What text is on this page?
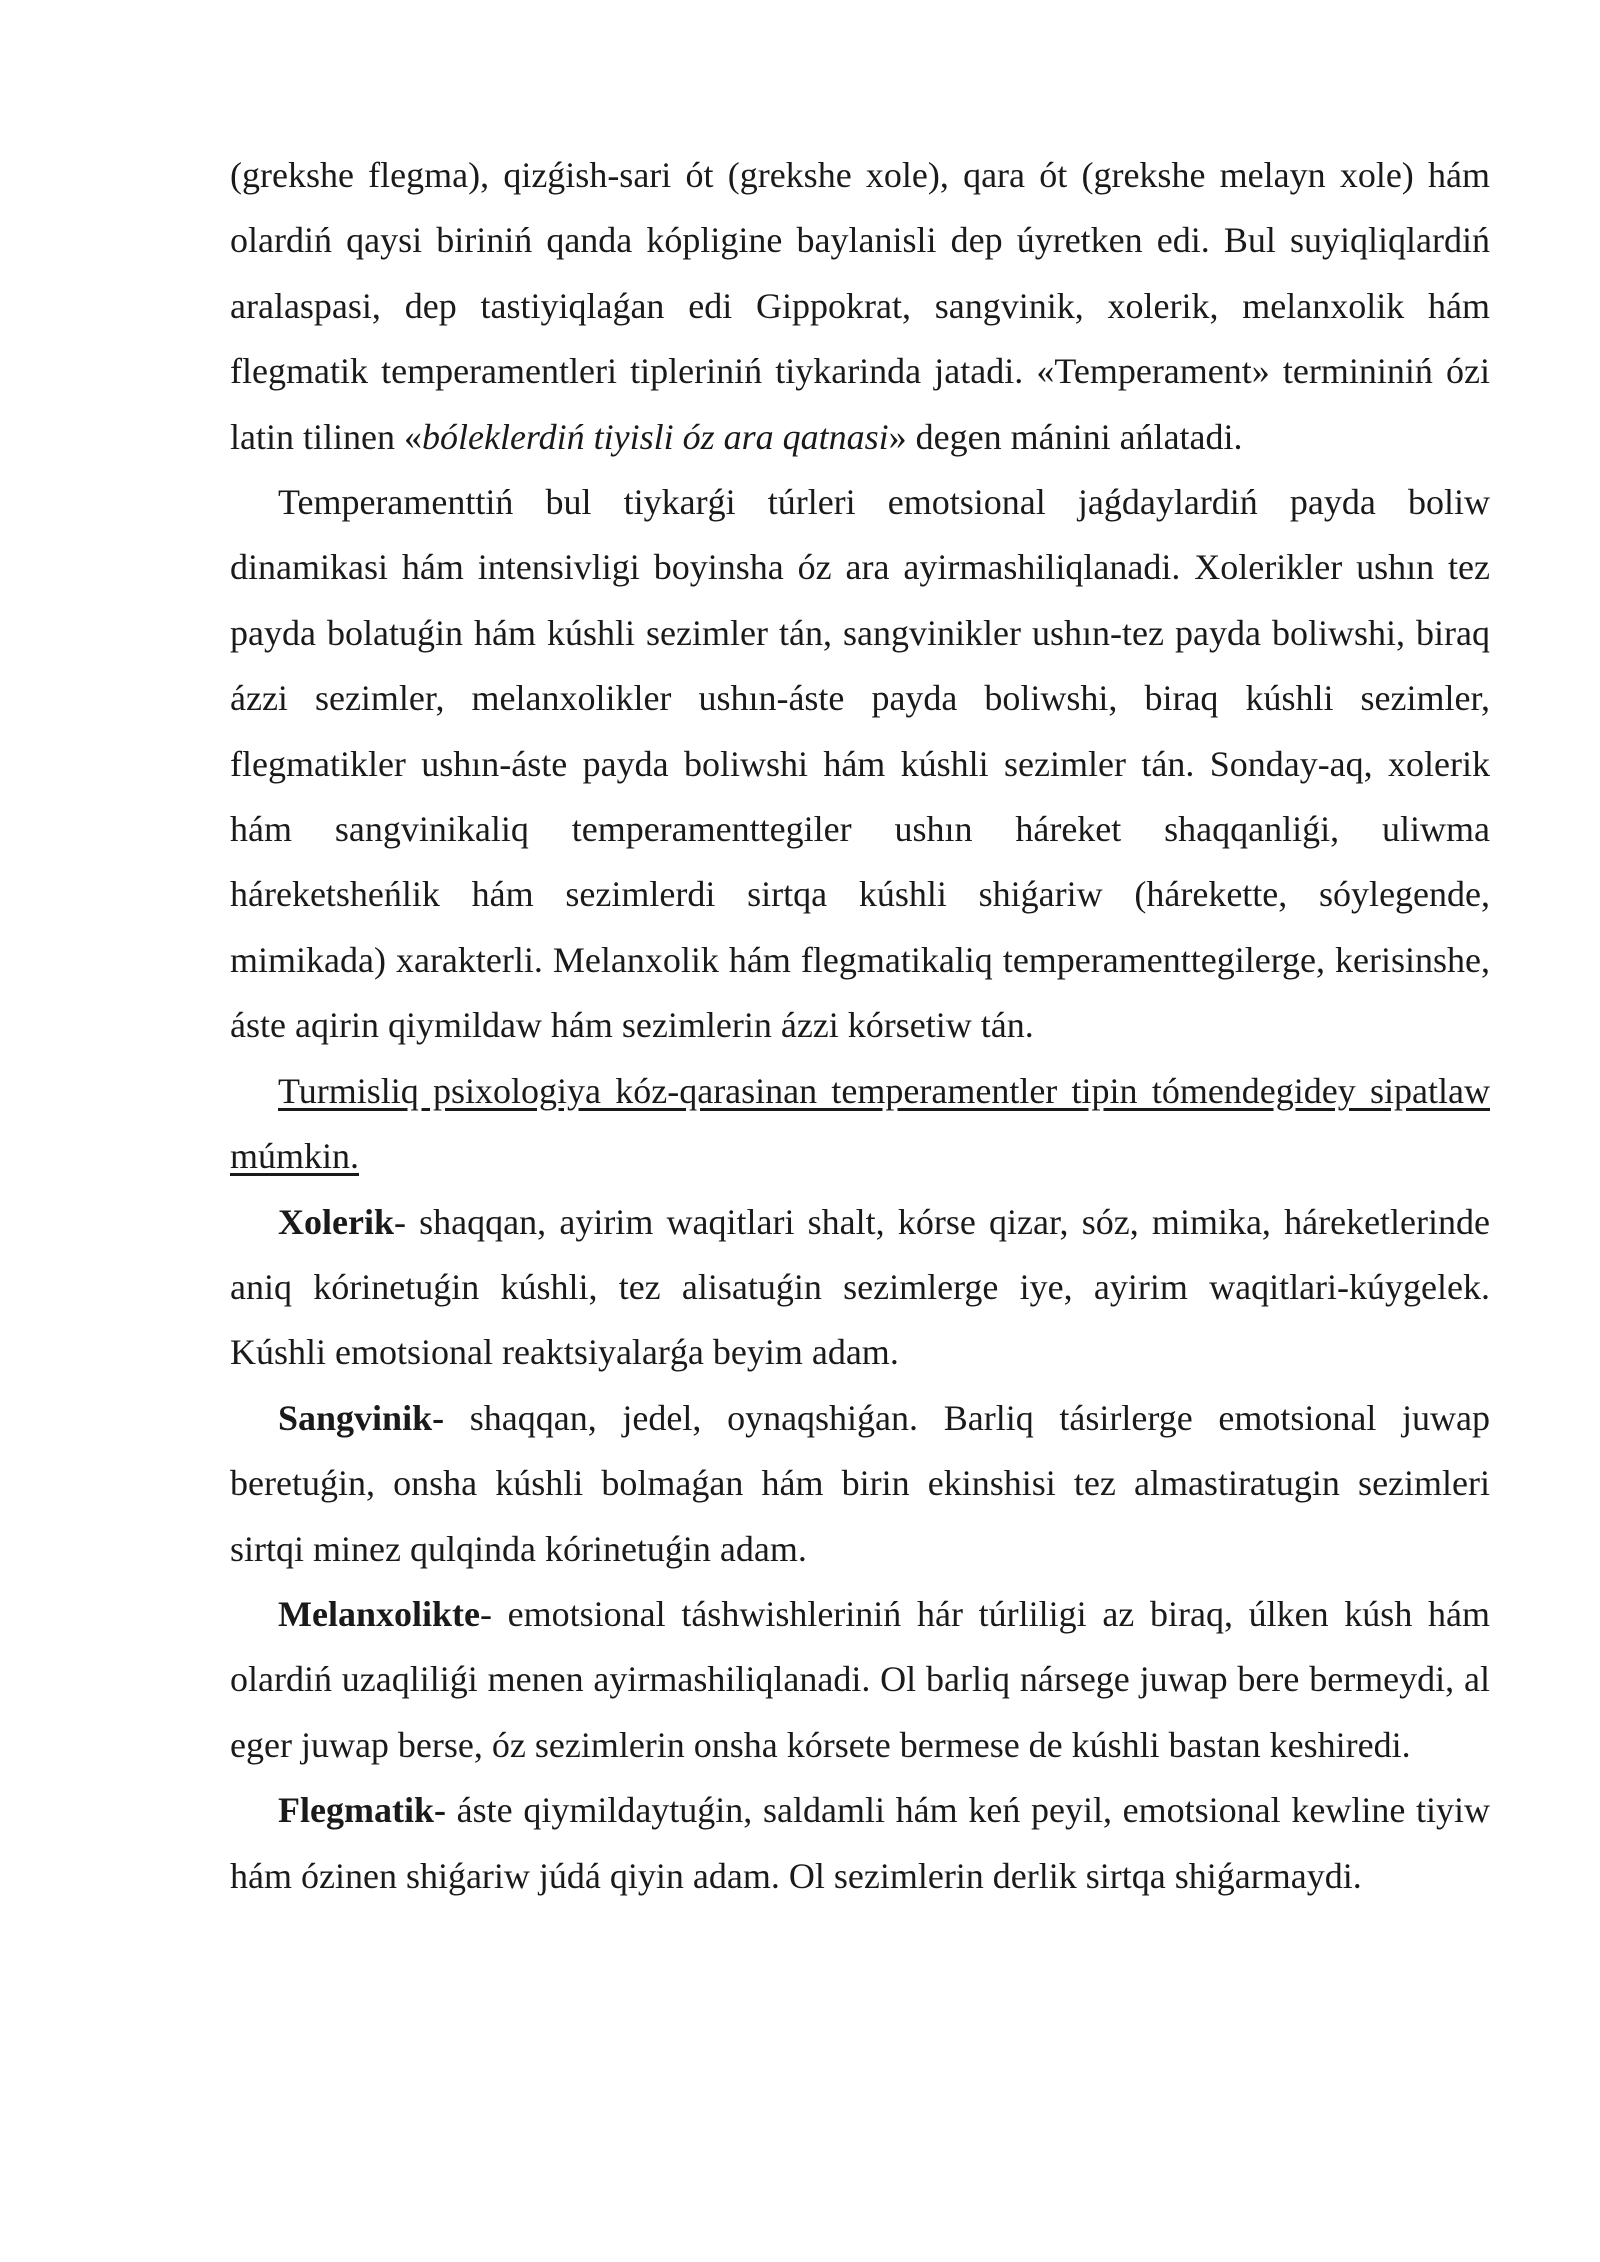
(grekshe flegma), qizǵish-sari ót (grekshe xole), qara ót (grekshe melayn xole) hám olardiń qaysi biriniń qanda kópligine baylanisli dep úyretken edi. Bul suyiqliqlardiń aralaspasi, dep tastiyiqlaǵan edi Gippokrat, sangvinik, xolerik, melanxolik hám flegmatik temperamentleri tipleriniń tiykarinda jatadi. «Temperament» termininiń ózi latin tilinen «bóleklerdiń tiyisli óz ara qatnasi» degen mánini ańlatadi.

Temperamenttiń bul tiykarǵi túrleri emotsional jaǵdaylardiń payda boliw dinamikasi hám intensivligi boyinsha óz ara ayirmashiliqlanadi. Xolerikler ushın tez payda bolatuǵin hám kúshli sezimler tán, sangvinikler ushın-tez payda boliwshi, biraq ázzi sezimler, melanxolikler ushın-áste payda boliwshi, biraq kúshli sezimler, flegmatikler ushın-áste payda boliwshi hám kúshli sezimler tán. Sonday-aq, xolerik hám sangvinikaliq temperamenttegiler ushın háreket shaqqanliǵi, uliwma háreketsheńlik hám sezimlerdi sirtqa kúshli shiǵariw (hárekette, sóylegende, mimikada) xarakterli. Melanxolik hám flegmatikaliq temperamenttegilerge, kerisinshe, áste aqirin qiymildaw hám sezimlerin ázzi kórsetiw tán.

Turmisliq psixologiya kóz-qarasinan temperamentler tipin tómendegidey sipatlaw múmkin.

Xolerik- shaqqan, ayirim waqitlari shalt, kórse qizar, sóz, mimika, háreketlerinde aniq kórinetuǵin kúshli, tez alisatuǵin sezimlerge iye, ayirim waqitlari-kúygelek. Kúshli emotsional reaktsiyalarǵa beyim adam.

Sangvinik- shaqqan, jedel, oynaqshiǵan. Barliq tásirlerge emotsional juwap beretuǵin, onsha kúshli bolmaǵan hám birin ekinshisi tez almastiratugin sezimleri sirtqi minez qulqinda kórinetuǵin adam.

Melanxolikte- emotsional táshwishleriniń hár túrliligi az biraq, úlken kúsh hám olardiń uzaqliliǵi menen ayirmashiliqlanadi. Ol barliq nársege juwap bere bermeydi, al eger juwap berse, óz sezimlerin onsha kórsete bermese de kúshli bastan keshiredi.

Flegmatik- áste qiymildaytuǵin, saldamli hám keń peyil, emotsional kewline tiyiw hám ózinen shiǵariw júdá qiyin adam. Ol sezimlerin derlik sirtqa shiǵarmaydi.
